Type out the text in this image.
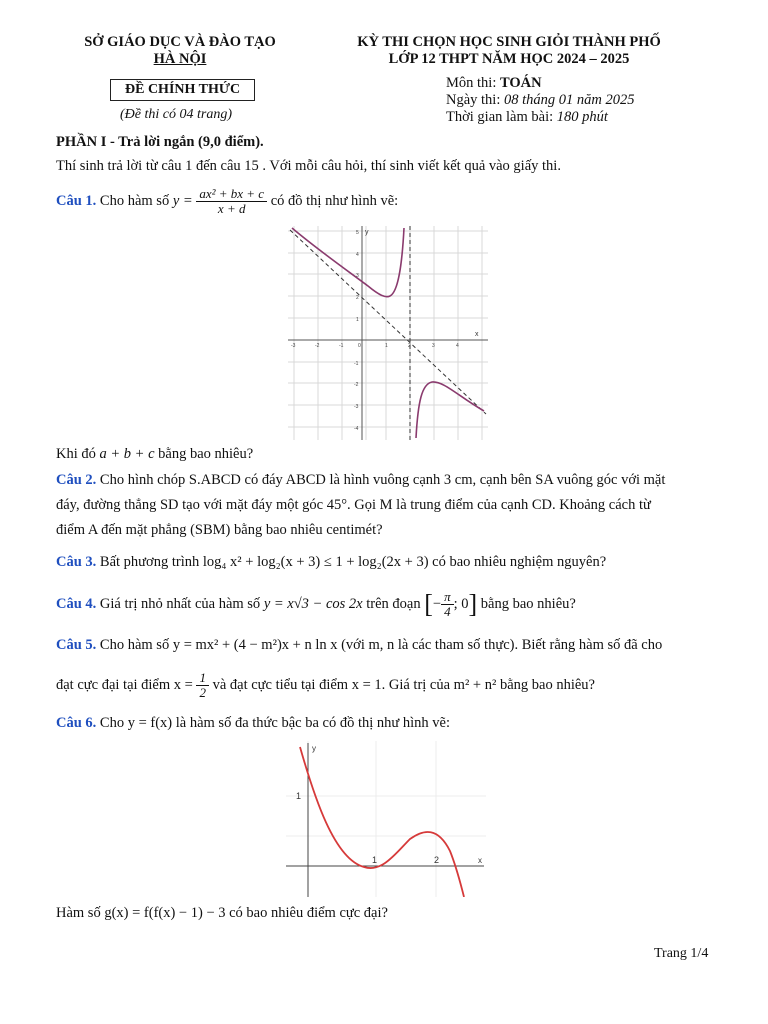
SỞ GIÁO DỤC VÀ ĐÀO TẠO
HÀ NỘI
ĐỀ CHÍNH THỨC
(Đề thi có 04 trang)
KỲ THI CHỌN HỌC SINH GIỎI THÀNH PHỐ
LỚP 12 THPT NĂM HỌC 2024 – 2025
Môn thi: TOÁN
Ngày thi: 08 tháng 01 năm 2025
Thời gian làm bài: 180 phút
PHẦN I - Trả lời ngắn (9,0 điểm).
Thí sinh trả lời từ câu 1 đến câu 15 . Với mỗi câu hỏi, thí sinh viết kết quả vào giấy thi.
Câu 1. Cho hàm số $y = \frac{\text{ax² + bx + c}}{x + d}$ có đồ thị như hình vẽ:
x
y
-3	-2	-1	0	1	2	3	4
5
4
3
2
1
-1
-2
-3
-4
Khi đó a + b + c bằng bao nhiêu?
Câu 2. Cho hình chóp S.ABCD có đáy ABCD là hình vuông cạnh 3 cm, cạnh bên SA vuông góc với mặt
đáy, đường thẳng SD tạo với mặt đáy một góc 45°. Gọi M là trung điểm của cạnh CD. Khoảng cách từ
điểm A đến mặt phẳng (SBM) bằng bao nhiêu centimét?
Câu 3. Bất phương trình log₄ x² + log₂(x + 3) ≤ 1 + log₂(2x + 3) có bao nhiêu nghiệm nguyên?
Câu 4. Giá trị nhỏ nhất của hàm số y = x√3 − cos 2x trên đoạn [− $\frac{\pi}{4}$ ; 0] bằng bao nhiêu?
Câu 5. Cho hàm số y = mx² + (4 − m²)x + n ln x (với m, n là các tham số thực). Biết rằng hàm số đã cho
đạt cực đại tại điểm $x = \frac{1}{2}$ và đạt cực tiểu tại điểm x = 1. Giá trị của m² + n² bằng bao nhiêu?
Câu 6. Cho y = f(x) là hàm số đa thức bậc ba có đồ thị như hình vẽ:
x
y
1
1	2
Hàm số g(x) = f(f(x) − 1) − 3 có bao nhiêu điểm cực đại?
Trang 1/4
